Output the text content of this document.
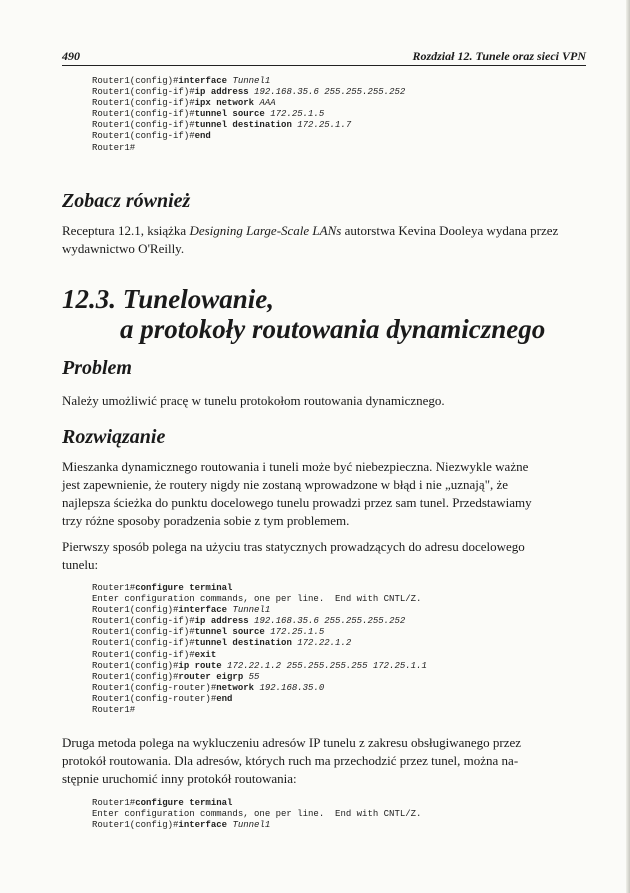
490	Rozdział 12. Tunele oraz sieci VPN
Router1(config)#interface Tunnel1
Router1(config-if)#ip address 192.168.35.6 255.255.255.252
Router1(config-if)#ipx network AAA
Router1(config-if)#tunnel source 172.25.1.5
Router1(config-if)#tunnel destination 172.25.1.7
Router1(config-if)#end
Router1#
Zobacz również
Receptura 12.1, książka Designing Large-Scale LANs autorstwa Kevina Dooleya wydana przez
wydawnictwo O'Reilly.
12.3. Tunelowanie,
a protokoły routowania dynamicznego
Problem
Należy umożliwić pracę w tunelu protokołom routowania dynamicznego.
Rozwiązanie
Mieszanka dynamicznego routowania i tuneli może być niebezpieczna. Niezwykle ważne
jest zapewnienie, że routery nigdy nie zostaną wprowadzone w błąd i nie „uznają", że
najlepsza ścieżka do punktu docelowego tunelu prowadzi przez sam tunel. Przedstawiamy
trzy różne sposoby poradzenia sobie z tym problemem.
Pierwszy sposób polega na użyciu tras statycznych prowadzących do adresu docelowego
tunelu:
Router1#configure terminal
Enter configuration commands, one per line.  End with CNTL/Z.
Router1(config)#interface Tunnel1
Router1(config-if)#ip address 192.168.35.6 255.255.255.252
Router1(config-if)#tunnel source 172.25.1.5
Router1(config-if)#tunnel destination 172.22.1.2
Router1(config-if)#exit
Router1(config)#ip route 172.22.1.2 255.255.255.255 172.25.1.1
Router1(config)#router eigrp 55
Router1(config-router)#network 192.168.35.0
Router1(config-router)#end
Router1#
Druga metoda polega na wykluczeniu adresów IP tunelu z zakresu obsługiwanego przez
protokół routowania. Dla adresów, których ruch ma przechodzić przez tunel, można na-
stępnie uruchomić inny protokół routowania:
Router1#configure terminal
Enter configuration commands, one per line.  End with CNTL/Z.
Router1(config)#interface Tunnel1
